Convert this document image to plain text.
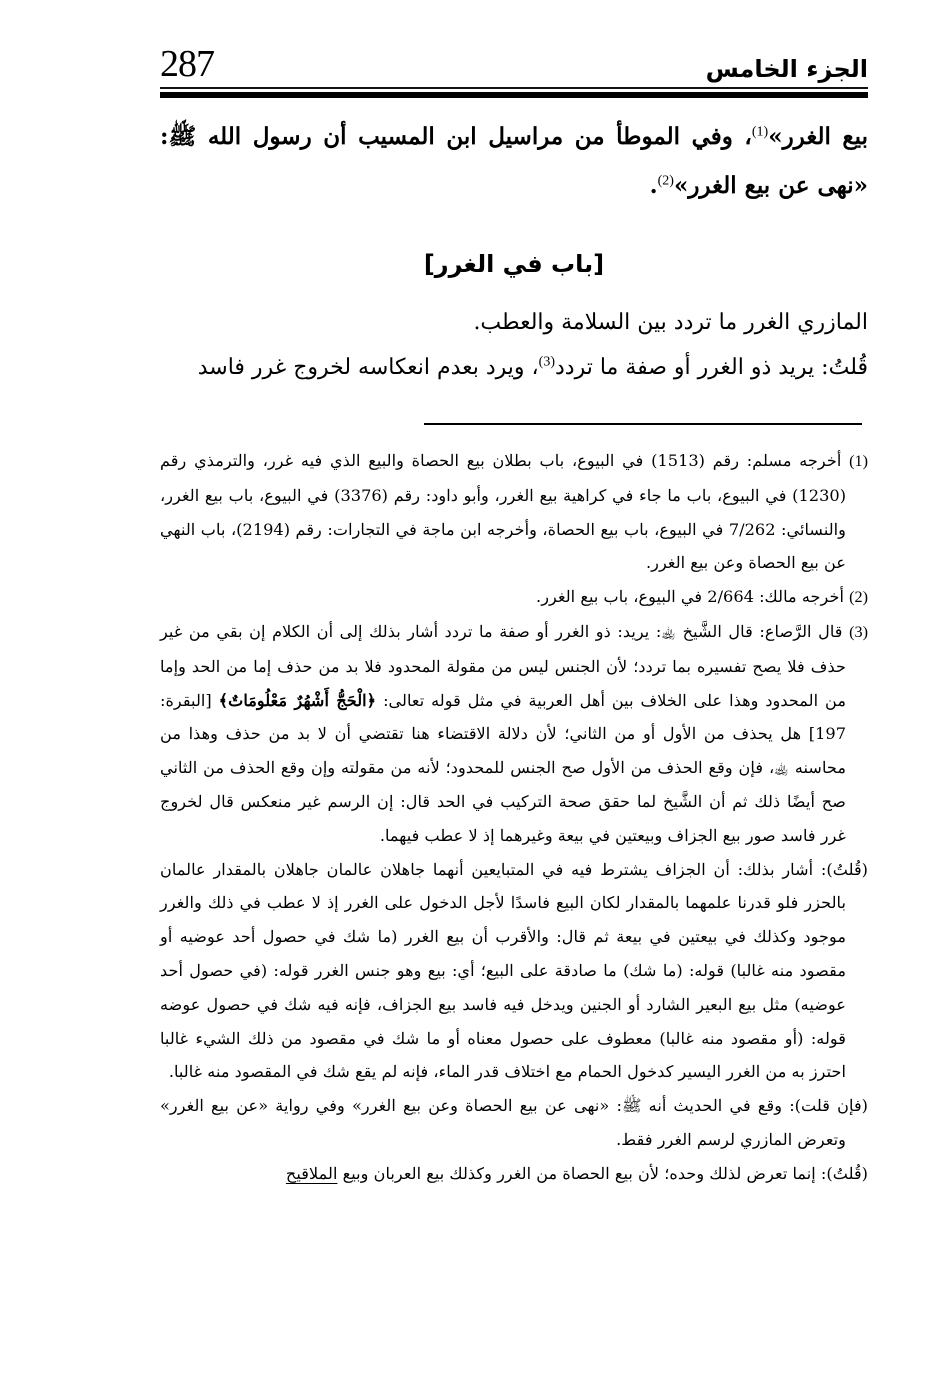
287	الجزء الخامس

بيع الغرر»$^{(1)}$، وفي الموطأ من مراسيل ابن المسيب أن رسول الله ﷺ: «نهى عن بيع الغرر»$^{(2)}$.

[باب في الغرر]

المازري الغرر ما تردد بين السلامة والعطب.

قُلتُ: يريد ذو الغرر أو صفة ما تردد$^{(3)}$، ويرد بعدم انعكاسه لخروج غرر فاسد

(1) أخرجه مسلم: رقم (1513) في البيوع، باب بطلان بيع الحصاة والبيع الذي فيه غرر، والترمذي رقم (1230) في البيوع، باب ما جاء في كراهية بيع الغرر، وأبو داود: رقم (3376) في البيوع، باب بيع الغرر، والنسائي: 7/262 في البيوع، باب بيع الحصاة، وأخرجه ابن ماجة في التجارات: رقم (2194)، باب النهي عن بيع الحصاة وعن بيع الغرر.

(2) أخرجه مالك: 2/664 في البيوع، باب بيع الغرر.

(3) قال الرَّصاع: قال الشَّيخ ﵀: يريد: ذو الغرر أو صفة ما تردد أشار بذلك إلى أن الكلام إن بقي من غير حذف فلا يصح تفسيره بما تردد؛ لأن الجنس ليس من مقولة المحدود فلا بد من حذف إما من الحد وإما من المحدود وهذا على الخلاف بين أهل العربية في مثل قوله تعالى: ﴿الْحَجُّ أَشْهُرٌ مَعْلُومَاتٌ﴾ [البقرة: 197] هل يحذف من الأول أو من الثاني؛ لأن دلالة الاقتضاء هنا تقتضي أن لا بد من حذف وهذا من محاسنه ﵀، فإن وقع الحذف من الأول صح الجنس للمحدود؛ لأنه من مقولته وإن وقع الحذف من الثاني صح أيضًا ذلك ثم أن الشَّيخ لما حقق صحة التركيب في الحد قال: إن الرسم غير منعكس قال لخروج غرر فاسد صور بيع الجزاف وبيعتين في بيعة وغيرهما إذ لا عطب فيهما.

(قُلتُ): أشار بذلك: أن الجزاف يشترط فيه في المتبايعين أنهما جاهلان عالمان جاهلان بالمقدار عالمان بالحزر فلو قدرنا علمهما بالمقدار لكان البيع فاسدًا لأجل الدخول على الغرر إذ لا عطب في ذلك والغرر موجود وكذلك في بيعتين في بيعة ثم قال: والأقرب أن بيع الغرر (ما شك في حصول أحد عوضيه أو مقصود منه غالبا) قوله: (ما شك) ما صادقة على البيع؛ أي: بيع وهو جنس الغرر قوله: (في حصول أحد عوضيه) مثل بيع البعير الشارد أو الجنين ويدخل فيه فاسد بيع الجزاف، فإنه فيه شك في حصول عوضه قوله: (أو مقصود منه غالبا) معطوف على حصول معناه أو ما شك في مقصود من ذلك الشيء غالبا احترز به من الغرر اليسير كدخول الحمام مع اختلاف قدر الماء، فإنه لم يقع شك في المقصود منه غالبا.

(فإن قلت): وقع في الحديث أنه ﷺ: «نهى عن بيع الحصاة وعن بيع الغرر» وفي رواية «عن بيع الغرر» وتعرض المازري لرسم الغرر فقط.

(قُلتُ): إنما تعرض لذلك وحده؛ لأن بيع الحصاة من الغرر وكذلك بيع العربان وبيع الملاقيح
